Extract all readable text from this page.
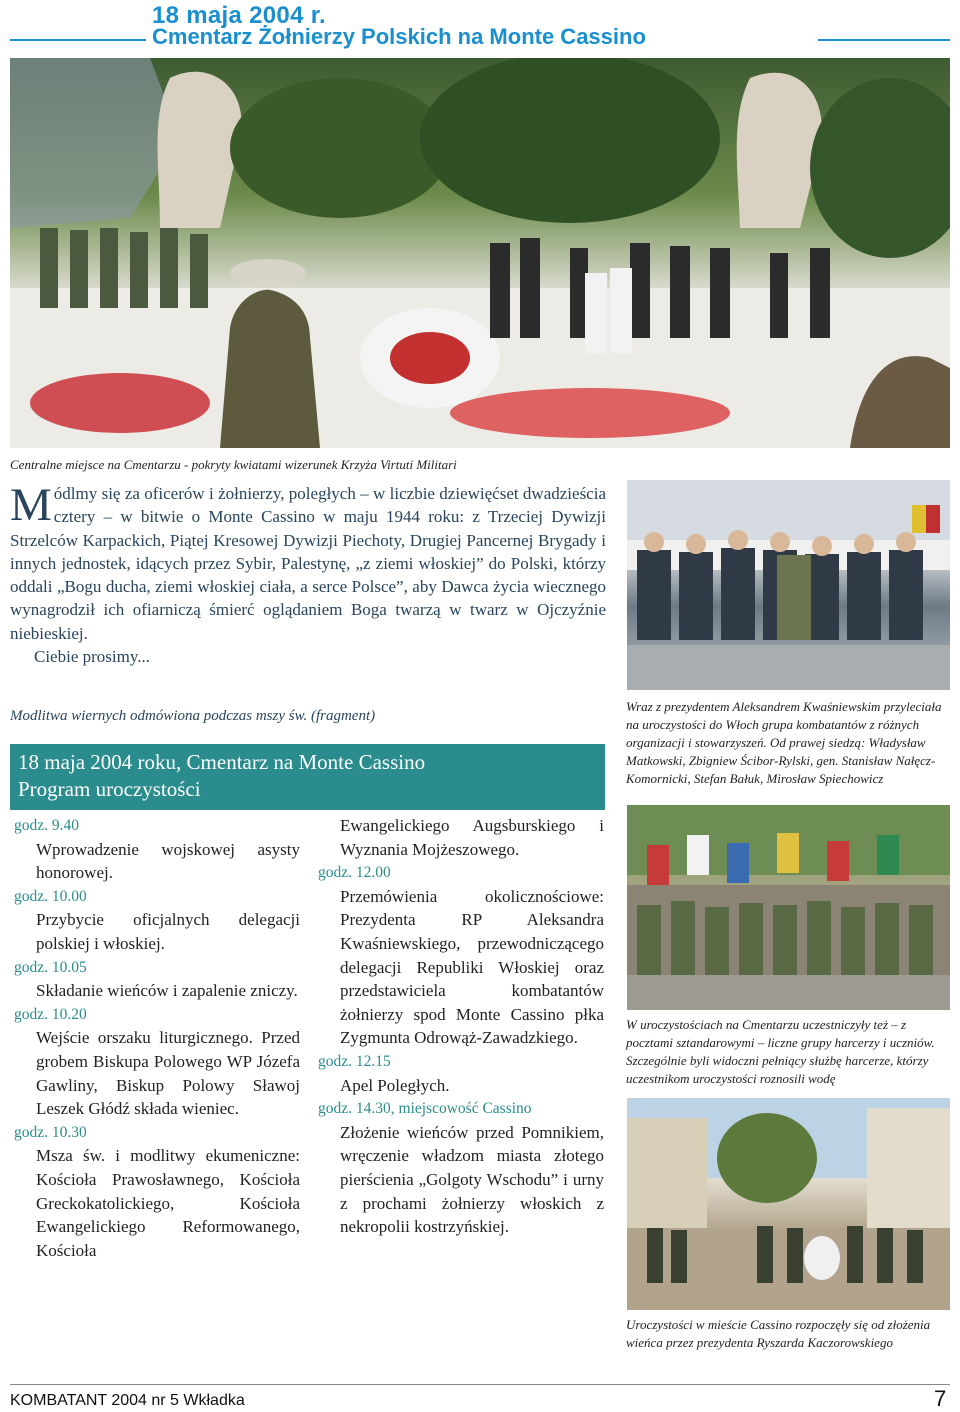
18 maja 2004 r.
Cmentarz Żołnierzy Polskich na Monte Cassino
Centralne miejsce na Cmentarzu - pokryty kwiatami wizerunek Krzyża Virtuti Militari
M ódlmy się za oficerów i żołnierzy, poległych – w liczbie dziewięćset dwadzieścia cztery – w bitwie o Monte Cassino w maju 1944 roku: z Trzeciej Dywizji Strzelców Karpackich, Piątej Kresowej Dywizji Piechoty, Drugiej Pancernej Brygady i innych jednostek, idących przez Sybir, Palestynę, „z ziemi włoskiej” do Polski, którzy oddali „Bogu ducha, ziemi włoskiej ciała, a serce Polsce”, aby Dawca życia wiecznego wynagrodził ich ofiarniczą śmierć oglądaniem Boga twarzą w twarz w Ojczyźnie niebieskiej.
Ciebie prosimy...
Modlitwa wiernych odmówiona podczas mszy św. (fragment)
18 maja 2004 roku, Cmentarz na Monte Cassino
Program uroczystości
godz. 9.40
Wprowadzenie wojskowej asysty honorowej.
godz. 10.00
Przybycie oficjalnych delegacji polskiej i włoskiej.
godz. 10.05
Składanie wieńców i zapalenie zniczy.
godz. 10.20
Wejście orszaku liturgicznego. Przed grobem Biskupa Polowego WP Józefa Gawliny, Biskup Polowy Sławoj Leszek Głódź składa wieniec.
godz. 10.30
Msza św. i modlitwy ekumeniczne: Kościoła Prawosławnego, Kościoła Greckokatolickiego, Kościoła Ewangelickiego Reformowanego, Kościoła
Ewangelickiego Augsburskiego i Wyznania Mojżeszowego.
godz. 12.00
Przemówienia okolicznościowe: Prezydenta RP Aleksandra Kwaśniewskiego, przewodniczącego delegacji Republiki Włoskiej oraz przedstawiciela kombatantów żołnierzy spod Monte Cassino płka Zygmunta Odrowąż-Zawadzkiego.
godz. 12.15
Apel Poległych.
godz. 14.30, miejscowość Cassino
Złożenie wieńców przed Pomnikiem, wręczenie władzom miasta złotego pierścienia „Golgoty Wschodu” i urny z prochami żołnierzy włoskich z nekropolii kostrzyńskiej.
Wraz z prezydentem Aleksandrem Kwaśniewskim przyleciała na uroczystości do Włoch grupa kombatantów z różnych organizacji i stowarzyszeń. Od prawej siedzą: Władysław Matkowski, Zbigniew Ścibor-Rylski, gen. Stanisław Nałęcz-Komornicki, Stefan Bałuk, Mirosław Spiechowicz
W uroczystościach na Cmentarzu uczestniczyły też – z pocztami sztandarowymi – liczne grupy harcerzy i uczniów. Szczególnie byli widoczni pełniący służbę harcerze, którzy uczestnikom uroczystości roznosili wodę
Uroczystości w mieście Cassino rozpoczęły się od złożenia wieńca przez prezydenta Ryszarda Kaczorowskiego
KOMBATANT 2004 nr 5 Wkładka	7
